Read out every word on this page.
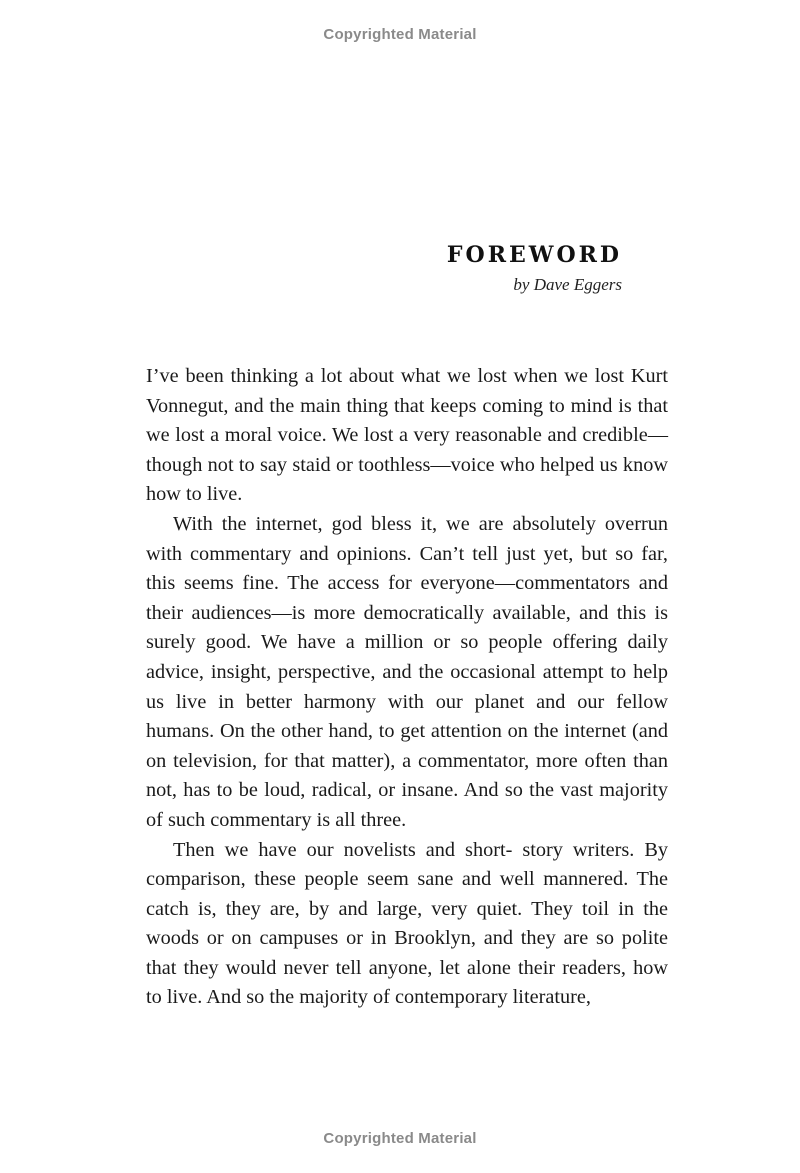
Copyrighted Material
FOREWORD
by Dave Eggers

I’ve been thinking a lot about what we lost when we lost Kurt Vonnegut, and the main thing that keeps coming to mind is that we lost a moral voice. We lost a very reasonable and credible—though not to say staid or toothless—voice who helped us know how to live.

With the internet, god bless it, we are absolutely overrun with commentary and opinions. Can’t tell just yet, but so far, this seems fine. The access for everyone—commentators and their audiences—is more democratically available, and this is surely good. We have a million or so people offering daily advice, insight, perspective, and the occasional attempt to help us live in better harmony with our planet and our fellow humans. On the other hand, to get attention on the internet (and on television, for that matter), a commentator, more often than not, has to be loud, radical, or insane. And so the vast majority of such commentary is all three.

Then we have our novelists and short- story writers. By comparison, these people seem sane and well mannered. The catch is, they are, by and large, very quiet. They toil in the woods or on campuses or in Brooklyn, and they are so polite that they would never tell anyone, let alone their readers, how to live. And so the majority of contemporary literature,

Copyrighted Material
